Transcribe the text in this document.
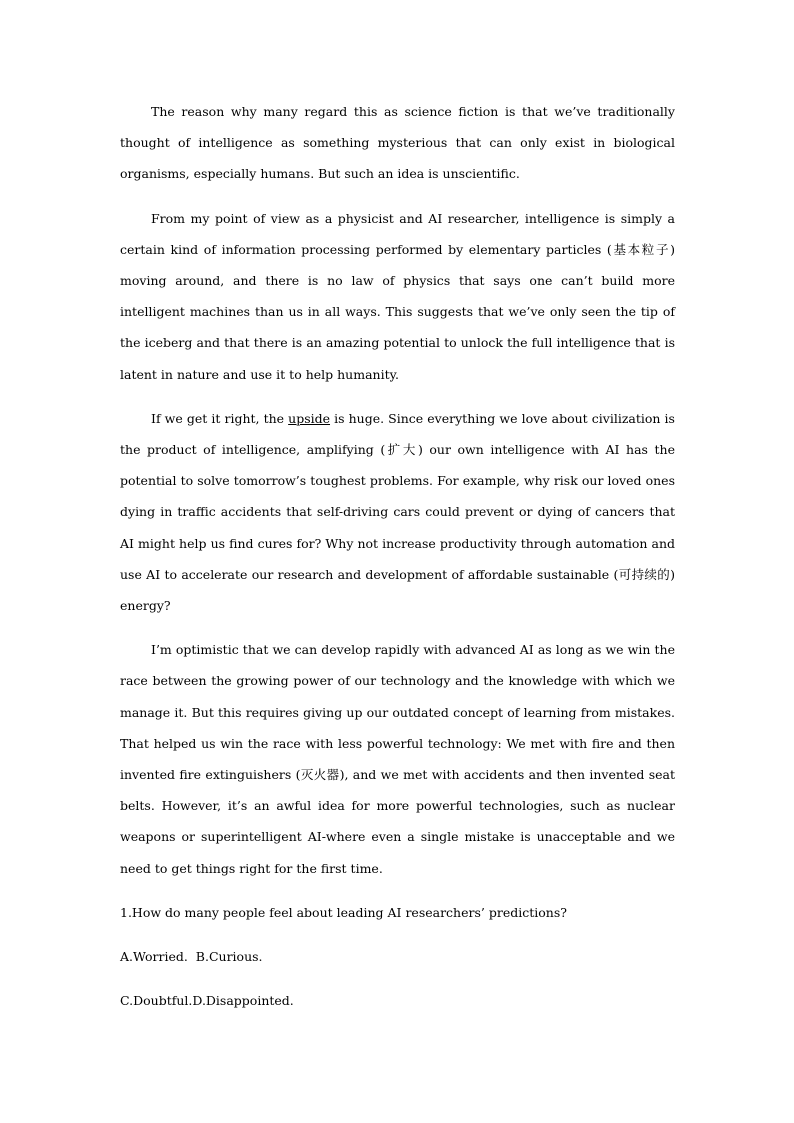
The reason why many regard this as science fiction is that we’ve traditionally thought of intelligence as something mysterious that can only exist in biological organisms, especially humans. But such an idea is unscientific.

From my point of view as a physicist and AI researcher, intelligence is simply a certain kind of information processing performed by elementary particles (基本粒子) moving around, and there is no law of physics that says one can’t build more intelligent machines than us in all ways. This suggests that we’ve only seen the tip of the iceberg and that there is an amazing potential to unlock the full intelligence that is latent in nature and use it to help humanity.

If we get it right, the upside is huge. Since everything we love about civilization is the product of intelligence, amplifying (扩大) our own intelligence with AI has the potential to solve tomorrow’s toughest problems. For example, why risk our loved ones dying in traffic accidents that self-driving cars could prevent or dying of cancers that AI might help us find cures for? Why not increase productivity through automation and use AI to accelerate our research and development of affordable sustainable (可持续的) energy?

I’m optimistic that we can develop rapidly with advanced AI as long as we win the race between the growing power of our technology and the knowledge with which we manage it. But this requires giving up our outdated concept of learning from mistakes. That helped us win the race with less powerful technology: We met with fire and then invented fire extinguishers (灭火器), and we met with accidents and then invented seat belts. However, it’s an awful idea for more powerful technologies, such as nuclear weapons or superintelligent AI-where even a single mistake is unacceptable and we need to get things right for the first time.

1.How do many people feel about leading AI researchers’ predictions?

A.Worried.  B.Curious.

C.Doubtful.D.Disappointed.
